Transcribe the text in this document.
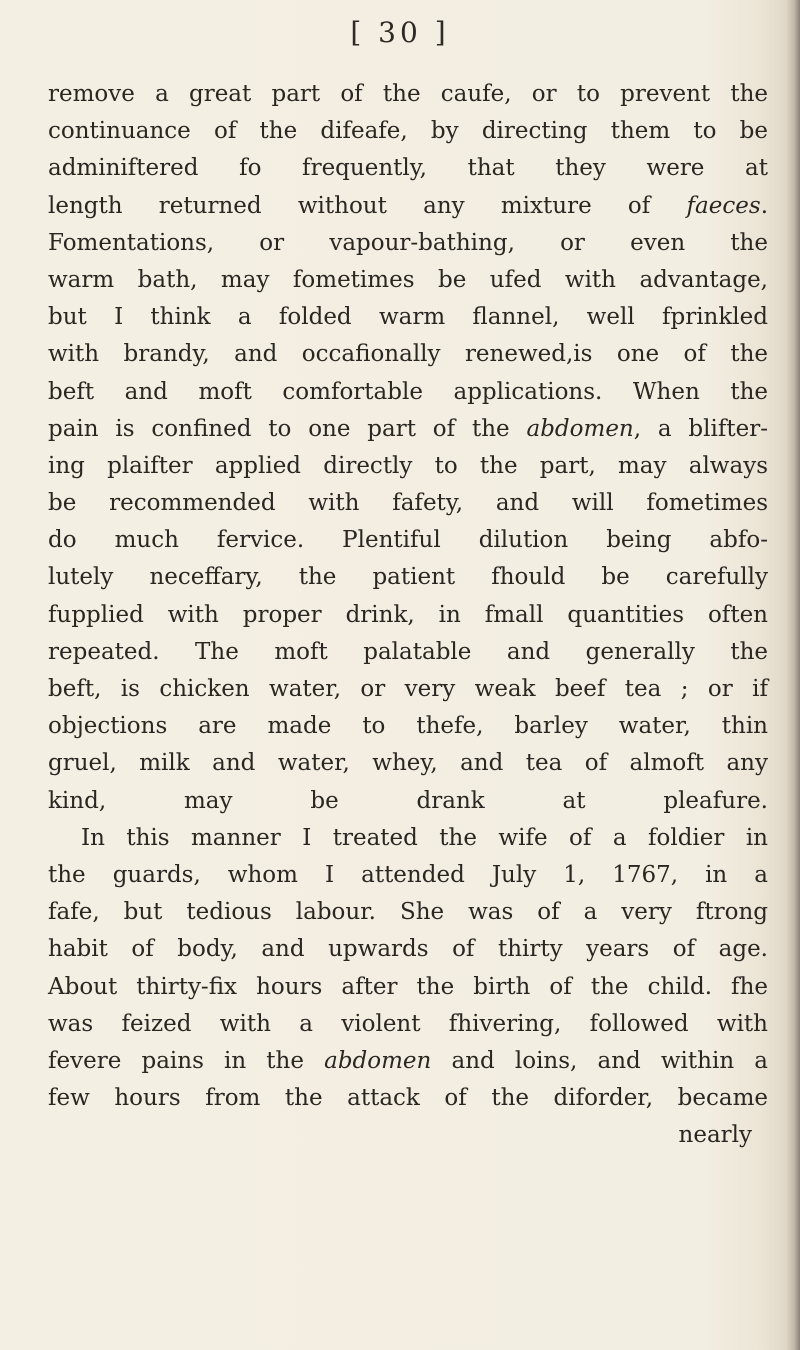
[ 30 ]
remove a great part of the caufe, or to prevent the
continuance of the difeafe, by directing them to be
adminiftered fo frequently, that they were at
length returned without any mixture of faeces.
Fomentations, or vapour-bathing, or even the
warm bath, may fometimes be ufed with advantage,
but I think a folded warm flannel, well fprinkled
with brandy, and occafionally renewed,is one of the
beft and moft comfortable applications. When the
pain is confined to one part of the abdomen, a blifter-
ing plaifter applied directly to the part, may always
be recommended with fafety, and will fometimes
do much fervice. Plentiful dilution being abfo-
lutely neceffary, the patient fhould be carefully
fupplied with proper drink, in fmall quantities often
repeated. The moft palatable and generally the
beft, is chicken water, or very weak beef tea ; or if
objections are made to thefe, barley water, thin
gruel, milk and water, whey, and tea of almoft any
kind, may be drank at pleafure.
In this manner I treated the wife of a foldier in
the guards, whom I attended July 1, 1767, in a
fafe, but tedious labour. She was of a very ftrong
habit of body, and upwards of thirty years of age.
About thirty-fix hours after the birth of the child. fhe
was feized with a violent fhivering, followed with
fevere pains in the abdomen and loins, and within a
few hours from the attack of the diforder, became
nearly
